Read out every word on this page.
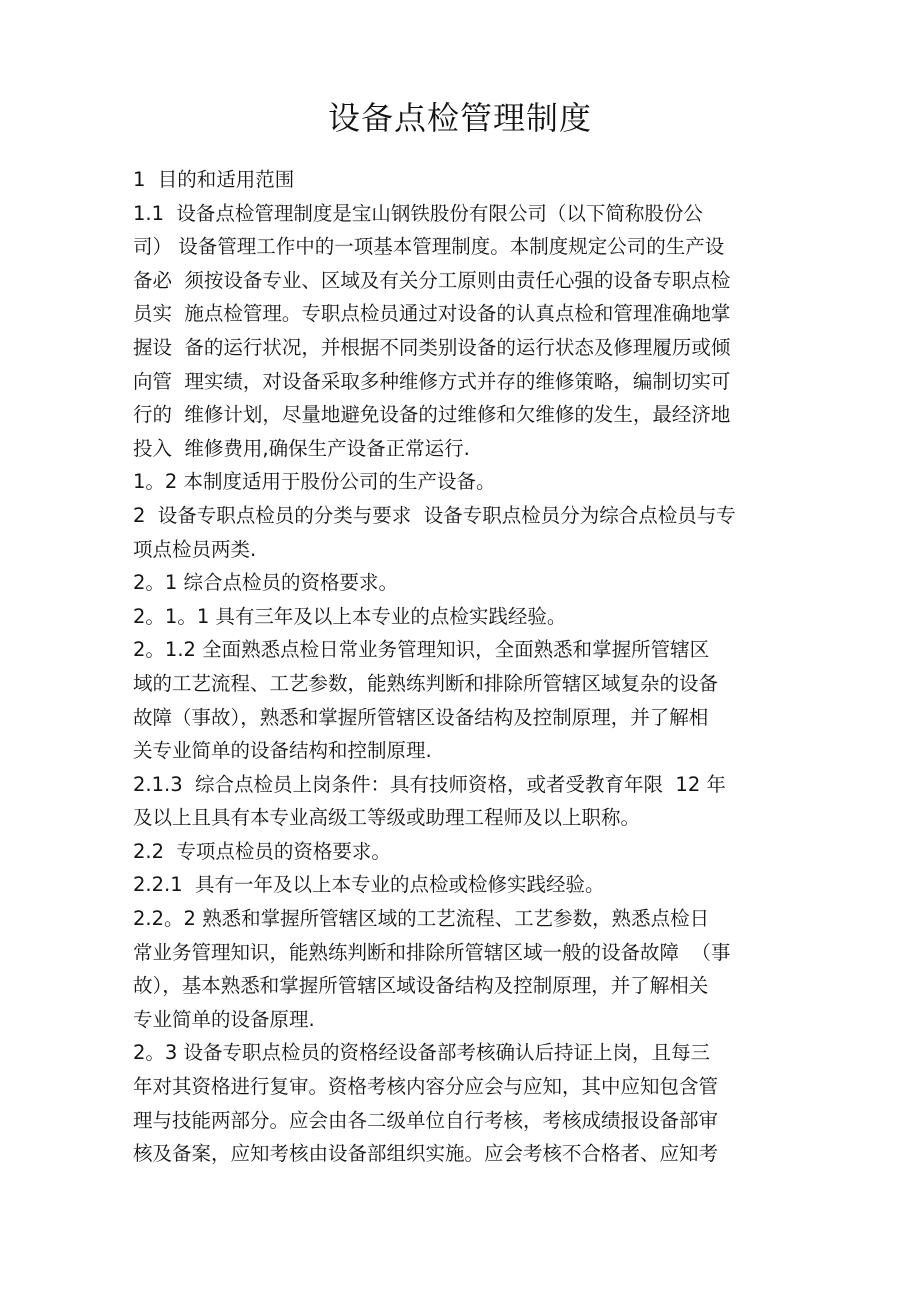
设备点检管理制度
1  目的和适用范围
1.1  设备点检管理制度是宝山钢铁股份有限公司（以下简称股份公
司） 设备管理工作中的一项基本管理制度。本制度规定公司的生产设
备必  须按设备专业、区域及有关分工原则由责任心强的设备专职点检
员实  施点检管理。专职点检员通过对设备的认真点检和管理准确地掌
握设  备的运行状况，并根据不同类别设备的运行状态及修理履历或倾
向管  理实绩，对设备采取多种维修方式并存的维修策略，编制切实可
行的  维修计划，尽量地避免设备的过维修和欠维修的发生，最经济地
投入  维修费用,确保生产设备正常运行.
1。2 本制度适用于股份公司的生产设备。
2  设备专职点检员的分类与要求  设备专职点检员分为综合点检员与专
项点检员两类.
2。1 综合点检员的资格要求。
2。1。1 具有三年及以上本专业的点检实践经验。
2。1.2 全面熟悉点检日常业务管理知识，全面熟悉和掌握所管辖区
域的工艺流程、工艺参数，能熟练判断和排除所管辖区域复杂的设备
故障（事故），熟悉和掌握所管辖区设备结构及控制原理，并了解相
关专业简单的设备结构和控制原理.
2.1.3  综合点检员上岗条件：具有技师资格，或者受教育年限  12 年
及以上且具有本专业高级工等级或助理工程师及以上职称。
2.2  专项点检员的资格要求。
2.2.1  具有一年及以上本专业的点检或检修实践经验。
2.2。2 熟悉和掌握所管辖区域的工艺流程、工艺参数，熟悉点检日
常业务管理知识，能熟练判断和排除所管辖区域一般的设备故障  （事
故），基本熟悉和掌握所管辖区域设备结构及控制原理，并了解相关
专业简单的设备原理.
2。3 设备专职点检员的资格经设备部考核确认后持证上岗，且每三
年对其资格进行复审。资格考核内容分应会与应知，其中应知包含管
理与技能两部分。应会由各二级单位自行考核，考核成绩报设备部审
核及备案，应知考核由设备部组织实施。应会考核不合格者、应知考
